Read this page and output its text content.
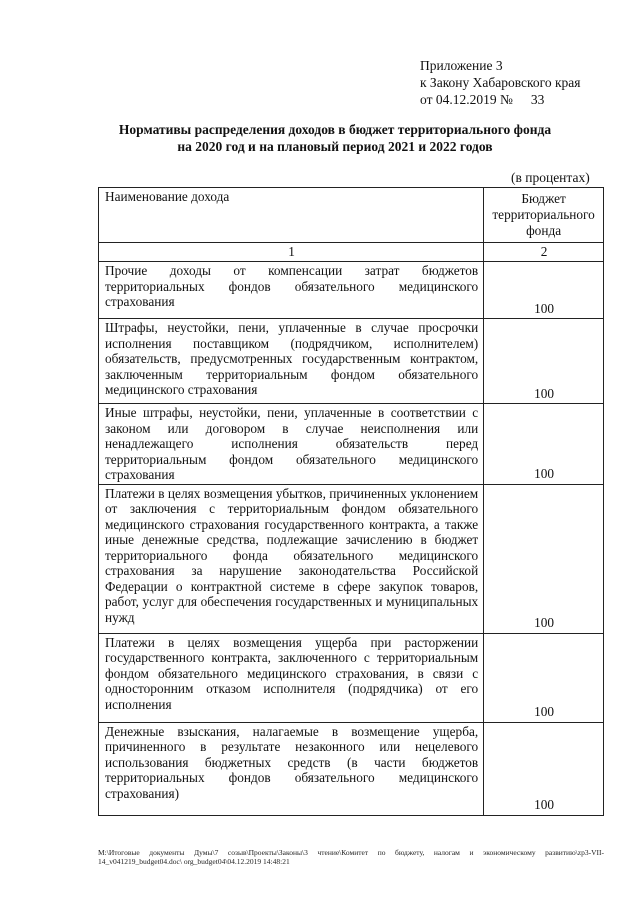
Приложение 3
к Закону Хабаровского края
от 04.12.2019 № 33
Нормативы распределения доходов в бюджет территориального фонда
на 2020 год и на плановый период 2021 и 2022 годов
(в процентах)
Наименование дохода	Бюджет территориального фонда
1	2
Прочие доходы от компенсации затрат бюджетов территориальных фондов обязательного медицинского страхования	100
Штрафы, неустойки, пени, уплаченные в случае просрочки исполнения поставщиком (подрядчиком, исполнителем) обязательств, предусмотренных государственным контрактом, заключенным территориальным фондом обязательного медицинского страхования	100
Иные штрафы, неустойки, пени, уплаченные в соответствии с законом или договором в случае неисполнения или ненадлежащего исполнения обязательств перед территориальным фондом обязательного медицинского страхования	100
Платежи в целях возмещения убытков, причиненных уклонением от заключения с территориальным фондом обязательного медицинского страхования государственного контракта, а также иные денежные средства, подлежащие зачислению в бюджет территориального фонда обязательного медицинского страхования за нарушение законодательства Российской Федерации о контрактной системе в сфере закупок товаров, работ, услуг для обеспечения государственных и муниципальных нужд	100
Платежи в целях возмещения ущерба при расторжении государственного контракта, заключенного с территориальным фондом обязательного медицинского страхования, в связи с односторонним отказом исполнителя (подрядчика) от его исполнения	100
Денежные взыскания, налагаемые в возмещение ущерба, причиненного в результате незаконного или нецелевого использования бюджетных средств (в части бюджетов территориальных фондов обязательного медицинского страхования)	100
M:\Итоговые документы Думы\7 созыв\Проекты\Законы\3 чтение\Комитет по бюджету, налогам и экономическому развитию\zp3-VII-14_v041219_budget04.doc\ org_budget04\04.12.2019 14:48:21
